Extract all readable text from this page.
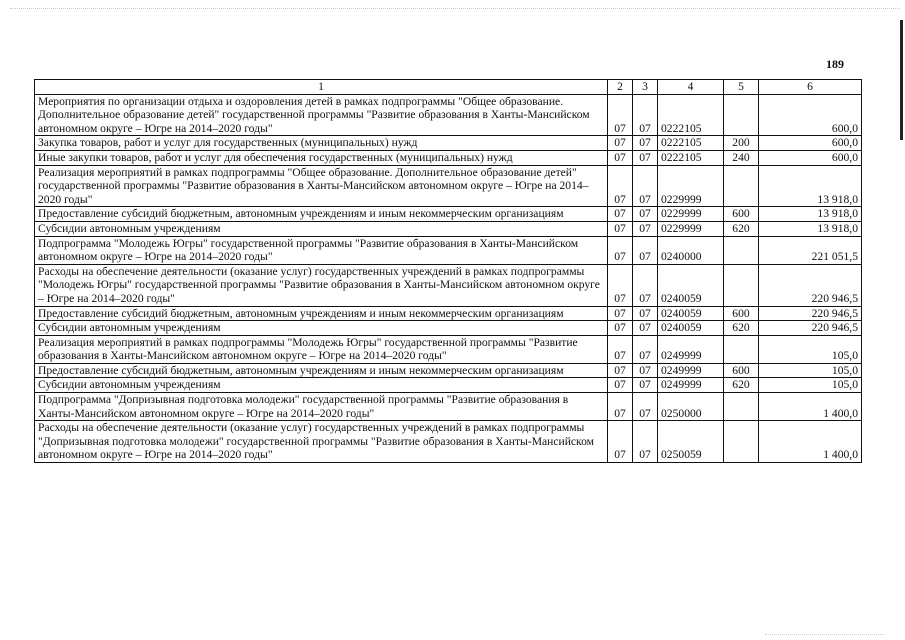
189
1	2	3	4	5	6
Мероприятия по организации отдыха и оздоровления детей в рамках подпрограммы "Общее образование. Дополнительное образование детей" государственной программы "Развитие образования в Ханты-Мансийском автономном округе – Югре на 2014–2020 годы"	07	07	0222105		600,0
Закупка товаров, работ и услуг для государственных (муниципальных) нужд	07	07	0222105	200	600,0
Иные закупки товаров, работ и услуг для обеспечения государственных (муниципальных) нужд	07	07	0222105	240	600,0
Реализация мероприятий в рамках подпрограммы "Общее образование. Дополнительное образование детей" государственной программы "Развитие образования в Ханты-Мансийском автономном округе – Югре на 2014–2020 годы"	07	07	0229999		13 918,0
Предоставление субсидий бюджетным, автономным учреждениям и иным некоммерческим организациям	07	07	0229999	600	13 918,0
Субсидии автономным учреждениям	07	07	0229999	620	13 918,0
Подпрограмма "Молодежь Югры" государственной программы "Развитие образования в Ханты-Мансийском автономном округе – Югре на 2014–2020 годы"	07	07	0240000		221 051,5
Расходы на обеспечение деятельности (оказание услуг) государственных учреждений в рамках подпрограммы "Молодежь Югры" государственной программы "Развитие образования в Ханты-Мансийском автономном округе – Югре на 2014–2020 годы"	07	07	0240059		220 946,5
Предоставление субсидий бюджетным, автономным учреждениям и иным некоммерческим организациям	07	07	0240059	600	220 946,5
Субсидии автономным учреждениям	07	07	0240059	620	220 946,5
Реализация мероприятий в рамках подпрограммы "Молодежь Югры" государственной программы "Развитие образования в Ханты-Мансийском автономном округе – Югре на 2014–2020 годы"	07	07	0249999		105,0
Предоставление субсидий бюджетным, автономным учреждениям и иным некоммерческим организациям	07	07	0249999	600	105,0
Субсидии автономным учреждениям	07	07	0249999	620	105,0
Подпрограмма "Допризывная подготовка молодежи" государственной программы "Развитие образования в Ханты-Мансийском автономном округе – Югре на 2014–2020 годы"	07	07	0250000		1 400,0
Расходы на обеспечение деятельности (оказание услуг) государственных учреждений в рамках подпрограммы "Допризывная подготовка молодежи" государственной программы "Развитие образования в Ханты-Мансийском автономном округе – Югре на 2014–2020 годы"	07	07	0250059		1 400,0
